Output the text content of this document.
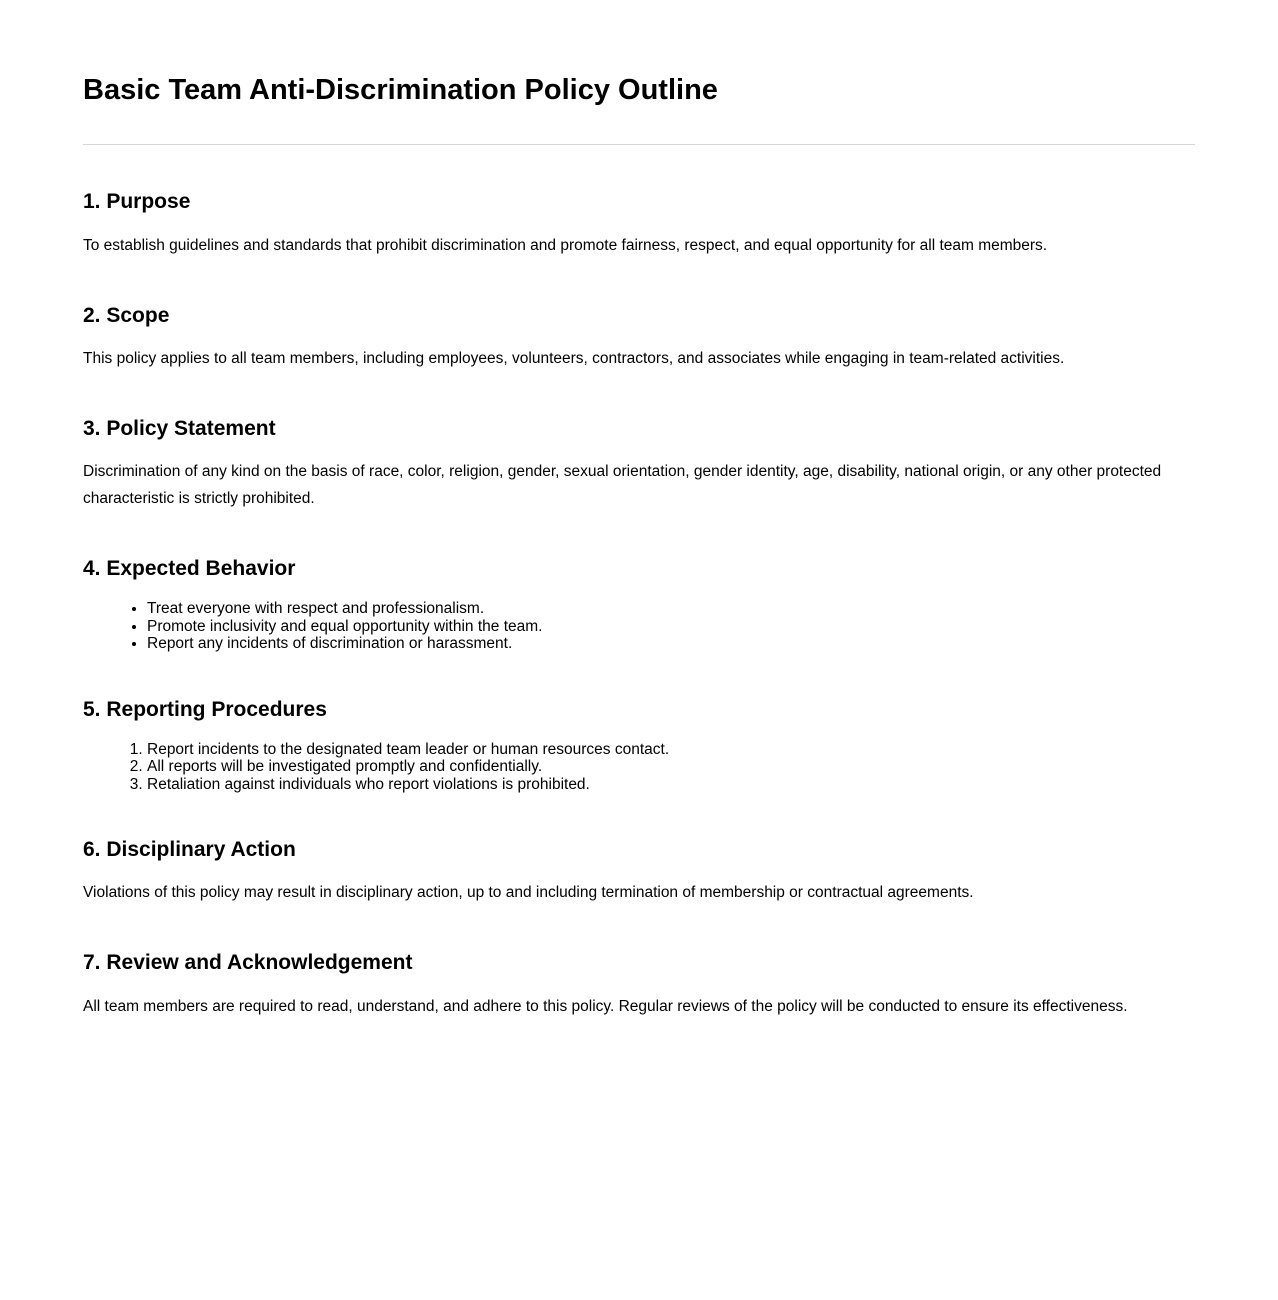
Basic Team Anti-Discrimination Policy Outline
1. Purpose

To establish guidelines and standards that prohibit discrimination and promote fairness, respect, and equal opportunity for all team members.

2. Scope

This policy applies to all team members, including employees, volunteers, contractors, and associates while engaging in team-related activities.

3. Policy Statement

Discrimination of any kind on the basis of race, color, religion, gender, sexual orientation, gender identity, age, disability, national origin, or any other protected characteristic is strictly prohibited.

4. Expected Behavior
• Treat everyone with respect and professionalism.
• Promote inclusivity and equal opportunity within the team.
• Report any incidents of discrimination or harassment.
5. Reporting Procedures
1. Report incidents to the designated team leader or human resources contact.
2. All reports will be investigated promptly and confidentially.
3. Retaliation against individuals who report violations is prohibited.
6. Disciplinary Action

Violations of this policy may result in disciplinary action, up to and including termination of membership or contractual agreements.

7. Review and Acknowledgement

All team members are required to read, understand, and adhere to this policy. Regular reviews of the policy will be conducted to ensure its effectiveness.
